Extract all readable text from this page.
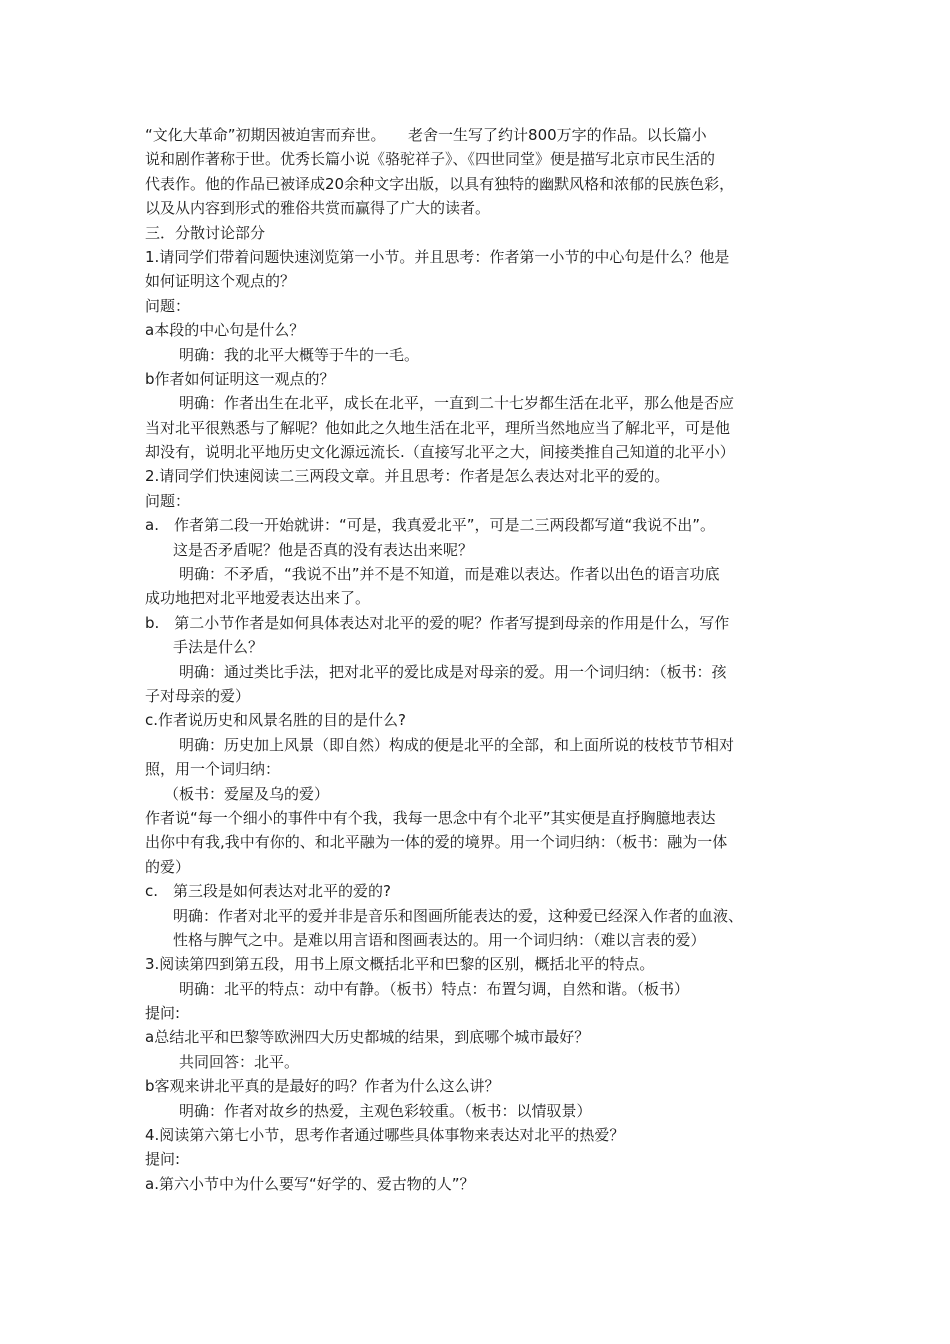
“文化大革命”初期因被迫害而弃世。　　老舍一生写了约计800万字的作品。以长篇小
说和剧作著称于世。优秀长篇小说《骆驼祥子》、《四世同堂》便是描写北京市民生活的
代表作。他的作品已被译成20余种文字出版，以具有独特的幽默风格和浓郁的民族色彩，
以及从内容到形式的雅俗共赏而赢得了广大的读者。
三．分散讨论部分
1.请同学们带着问题快速浏览第一小节。并且思考：作者第一小节的中心句是什么？他是
如何证明这个观点的？
问题：
a本段的中心句是什么？
明确：我的北平大概等于牛的一毛。
b作者如何证明这一观点的？
明确：作者出生在北平，成长在北平，一直到二十七岁都生活在北平，那么他是否应
当对北平很熟悉与了解呢？他如此之久地生活在北平，理所当然地应当了解北平，可是他
却没有，说明北平地历史文化源远流长.（直接写北平之大，间接类推自己知道的北平小）
2.请同学们快速阅读二三两段文章。并且思考：作者是怎么表达对北平的爱的。
问题：
a.　作者第二段一开始就讲：“可是，我真爱北平”，可是二三两段都写道“我说不出”。
这是否矛盾呢？他是否真的没有表达出来呢？
明确：不矛盾，“我说不出”并不是不知道，而是难以表达。作者以出色的语言功底
成功地把对北平地爱表达出来了。
b.　第二小节作者是如何具体表达对北平的爱的呢？作者写提到母亲的作用是什么，写作
手法是什么？
明确：通过类比手法，把对北平的爱比成是对母亲的爱。用一个词归纳：（板书：孩
子对母亲的爱）
c.作者说历史和风景名胜的目的是什么?
明确：历史加上风景（即自然）构成的便是北平的全部，和上面所说的枝枝节节相对
照，用一个词归纳：
（板书：爱屋及乌的爱）
作者说“每一个细小的事件中有个我，我每一思念中有个北平”其实便是直抒胸臆地表达
出你中有我,我中有你的、和北平融为一体的爱的境界。用一个词归纳：（板书：融为一体
的爱）
c.　第三段是如何表达对北平的爱的?
明确：作者对北平的爱并非是音乐和图画所能表达的爱，这种爱已经深入作者的血液、
性格与脾气之中。是难以用言语和图画表达的。用一个词归纳：（难以言表的爱）
3.阅读第四到第五段，用书上原文概括北平和巴黎的区别，概括北平的特点。
明确：北平的特点：动中有静。（板书）特点：布置匀调，自然和谐。（板书）
提问:
a总结北平和巴黎等欧洲四大历史都城的结果，到底哪个城市最好？
共同回答：北平。
b客观来讲北平真的是最好的吗？作者为什么这么讲？
明确：作者对故乡的热爱，主观色彩较重。（板书：以情驭景）
4.阅读第六第七小节，思考作者通过哪些具体事物来表达对北平的热爱？
提问:
a.第六小节中为什么要写“好学的、爱古物的人”？
